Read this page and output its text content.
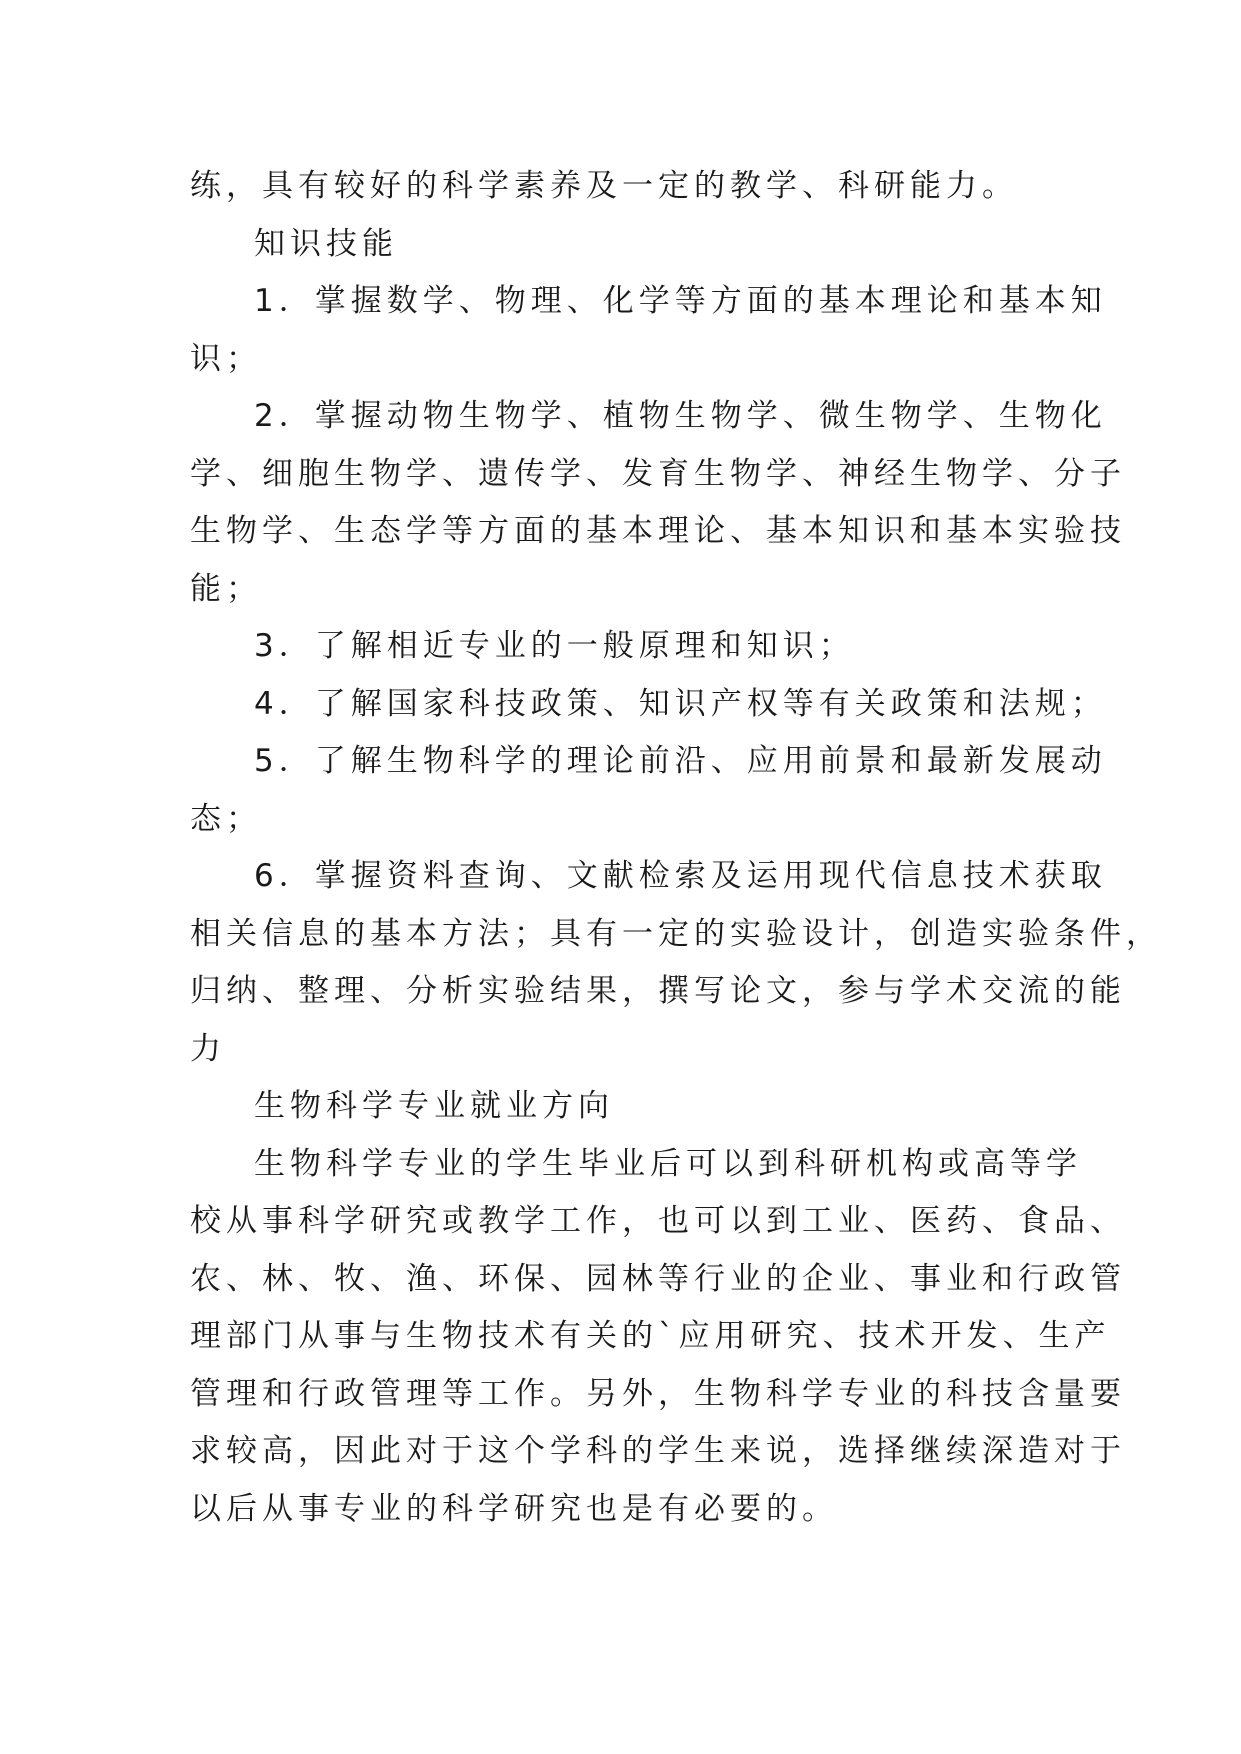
练，具有较好的科学素养及一定的教学、科研能力。
知识技能
1．掌握数学、物理、化学等方面的基本理论和基本知
识；
2．掌握动物生物学、植物生物学、微生物学、生物化
学、细胞生物学、遗传学、发育生物学、神经生物学、分子
生物学、生态学等方面的基本理论、基本知识和基本实验技
能；
3．了解相近专业的一般原理和知识；
4．了解国家科技政策、知识产权等有关政策和法规；
5．了解生物科学的理论前沿、应用前景和最新发展动
态；
6．掌握资料查询、文献检索及运用现代信息技术获取
相关信息的基本方法；具有一定的实验设计，创造实验条件，
归纳、整理、分析实验结果，撰写论文，参与学术交流的能
力
生物科学专业就业方向
生物科学专业的学生毕业后可以到科研机构或高等学
校从事科学研究或教学工作，也可以到工业、医药、食品、
农、林、牧、渔、环保、园林等行业的企业、事业和行政管
理部门从事与生物技术有关的`应用研究、技术开发、生产
管理和行政管理等工作。另外，生物科学专业的科技含量要
求较高，因此对于这个学科的学生来说，选择继续深造对于
以后从事专业的科学研究也是有必要的。
